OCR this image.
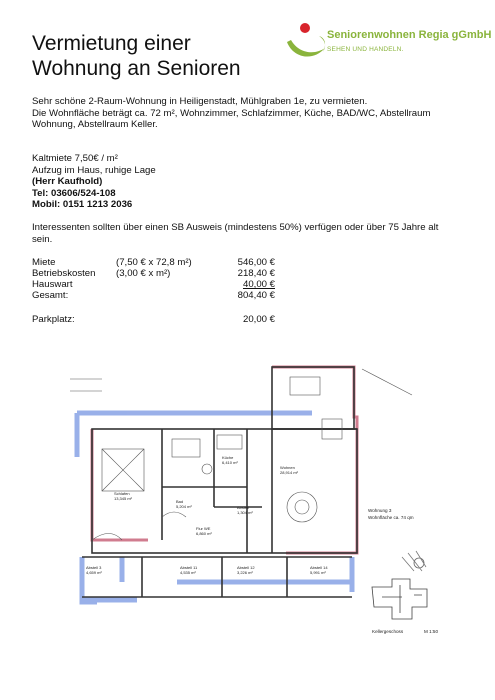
Vermietung einer
Wohnung an Senioren
Seniorenwohnen Regia gGmbH
SEHEN UND HANDELN.
Sehr schöne 2-Raum-Wohnung in Heiligenstadt, Mühlgraben 1e, zu vermieten.
Die Wohnfläche beträgt ca. 72 m², Wohnzimmer, Schlafzimmer, Küche, BAD/WC, Abstellraum
Wohnung, Abstellraum Keller.
Kaltmiete 7,50€ / m²
Aufzug im Haus, ruhige Lage
(Herr Kaufhold)
Tel: 03606/524-108
Mobil: 0151 1213 2036
Interessenten sollten über einen SB Ausweis (mindestens 50%) verfügen oder über 75 Jahre alt
sein.
Miete	(7,50 € x 72,8 m²)	546,00 €
Betriebskosten (3,00 € x m²)	218,40 €
Hauswart	40,00 €
Gesamt:	804,40 €
Parkplatz:	20,00 €
Schlafen
13,345 m²
Küche
6,410 m²
Wohnen
28,914 m²
Bad
5,204 m²
Flur WE
6,860 m²
Abstell
1,304 m²
Abstell 11
4,535 m²
Abstell 12
3,226 m²
Abstell 14
5,991 m²
Abstell 3
4,659 m²
Wohnung 3
Wohnfläche ca. 74 qm
Kellergeschoss	M 1:50
